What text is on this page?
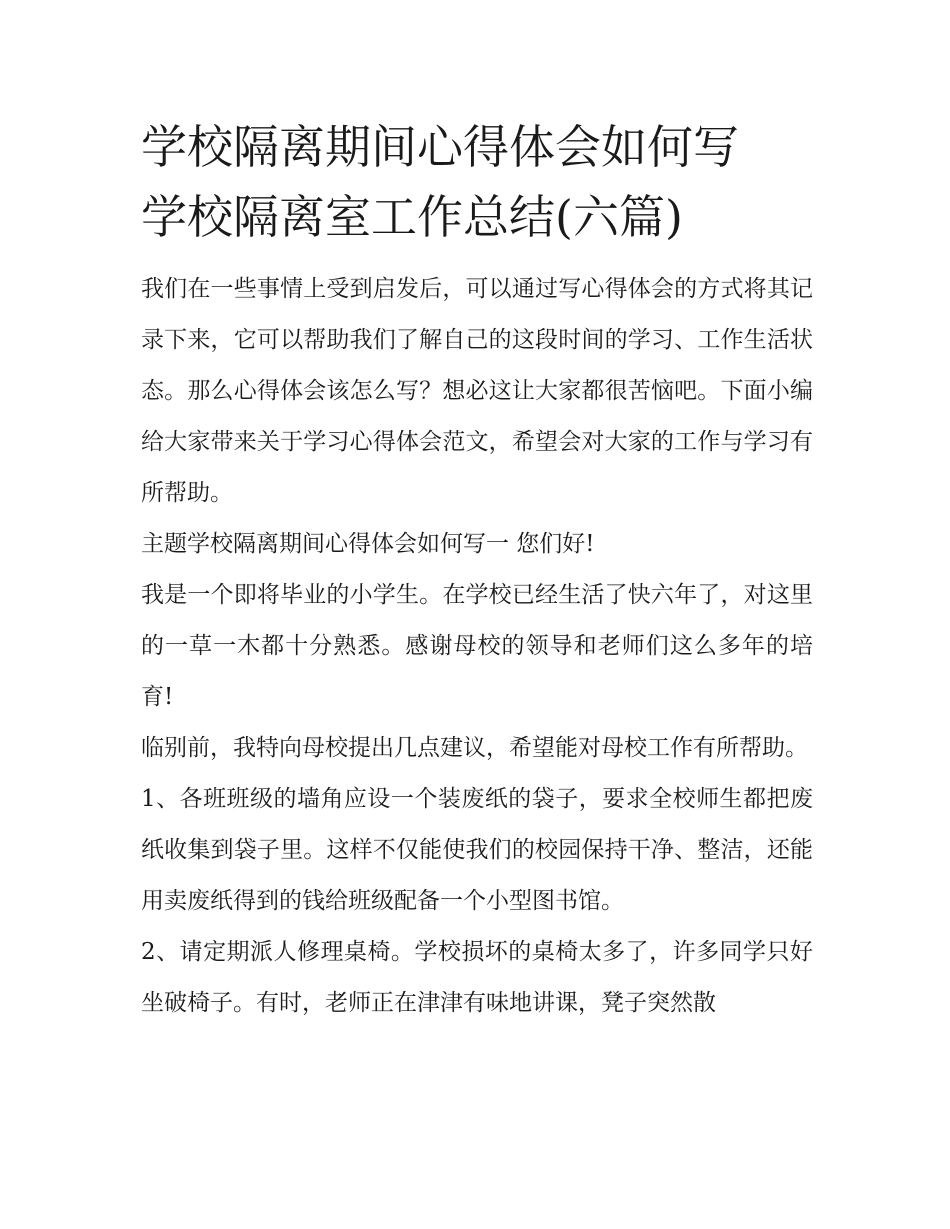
学校隔离期间心得体会如何写
学校隔离室工作总结(六篇)

我们在一些事情上受到启发后，可以通过写心得体会的方式将其记录下来，它可以帮助我们了解自己的这段时间的学习、工作生活状态。那么心得体会该怎么写？想必这让大家都很苦恼吧。下面小编给大家带来关于学习心得体会范文，希望会对大家的工作与学习有所帮助。

主题学校隔离期间心得体会如何写一 您们好!

我是一个即将毕业的小学生。在学校已经生活了快六年了，对这里的一草一木都十分熟悉。感谢母校的领导和老师们这么多年的培育!

临别前，我特向母校提出几点建议，希望能对母校工作有所帮助。

1、各班班级的墙角应设一个装废纸的袋子，要求全校师生都把废纸收集到袋子里。这样不仅能使我们的校园保持干净、整洁，还能用卖废纸得到的钱给班级配备一个小型图书馆。

2、请定期派人修理桌椅。学校损坏的桌椅太多了，许多同学只好坐破椅子。有时，老师正在津津有味地讲课，凳子突然散
